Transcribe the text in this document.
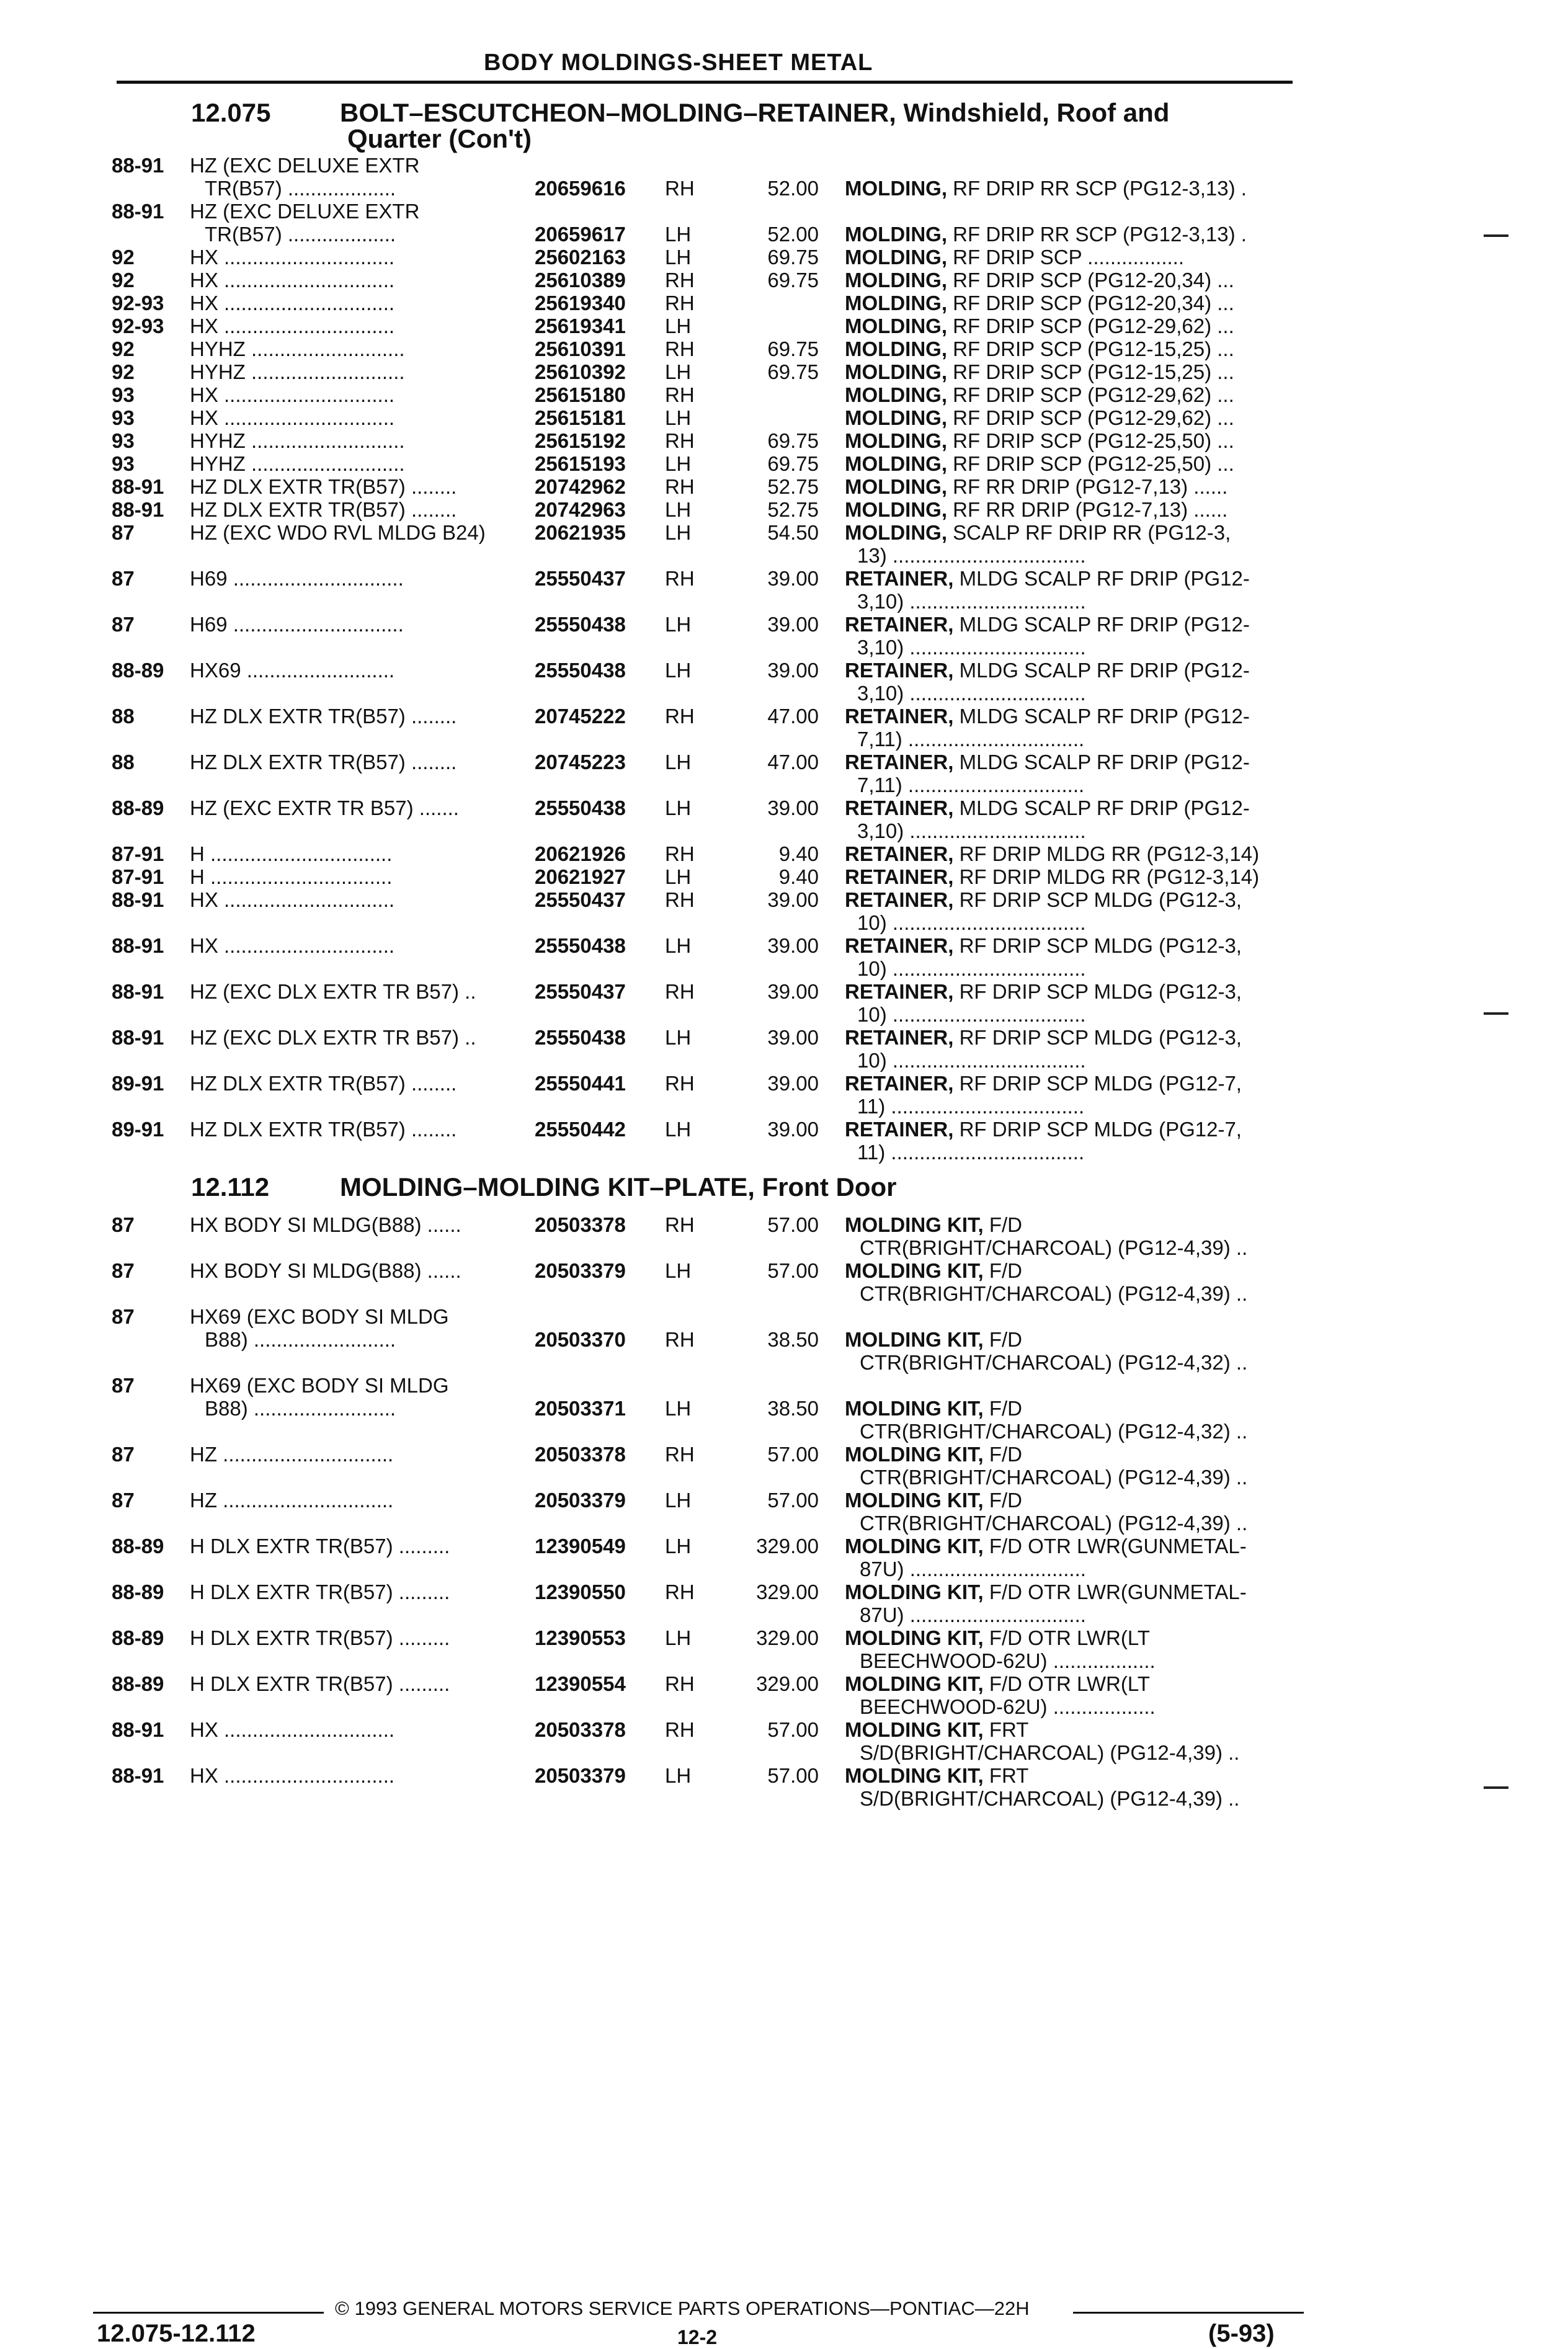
BODY MOLDINGS-SHEET METAL
12.075	BOLT–ESCUTCHEON–MOLDING–RETAINER, Windshield, Roof and
Quarter (Con't)
88-91 HZ (EXC DELUXE EXTR
TR(B57) ...................	20659616 RH	52.00 MOLDING, RF DRIP RR SCP (PG12-3,13) .
88-91 HZ (EXC DELUXE EXTR
TR(B57) ...................	20659617 LH	52.00 MOLDING, RF DRIP RR SCP (PG12-3,13) .
92	HX ..............................	25602163 LH	69.75 MOLDING, RF DRIP SCP .................
92	HX ..............................	25610389 RH	69.75 MOLDING, RF DRIP SCP (PG12-20,34) ...
92-93 HX ..............................	25619340 RH	MOLDING, RF DRIP SCP (PG12-20,34) ...
92-93 HX ..............................	25619341 LH	MOLDING, RF DRIP SCP (PG12-29,62) ...
92	HYHZ ...........................	25610391 RH	69.75 MOLDING, RF DRIP SCP (PG12-15,25) ...
92	HYHZ ...........................	25610392 LH	69.75 MOLDING, RF DRIP SCP (PG12-15,25) ...
93	HX ..............................	25615180 RH	MOLDING, RF DRIP SCP (PG12-29,62) ...
93	HX ..............................	25615181 LH	MOLDING, RF DRIP SCP (PG12-29,62) ...
93	HYHZ ...........................	25615192 RH	69.75 MOLDING, RF DRIP SCP (PG12-25,50) ...
93	HYHZ ...........................	25615193 LH	69.75 MOLDING, RF DRIP SCP (PG12-25,50) ...
88-91 HZ DLX EXTR TR(B57) ........	20742962 RH	52.75 MOLDING, RF RR DRIP (PG12-7,13) ......
88-91 HZ DLX EXTR TR(B57) ........	20742963 LH	52.75 MOLDING, RF RR DRIP (PG12-7,13) ......
87	HZ (EXC WDO RVL MLDG B24)	20621935 LH	54.50 MOLDING, SCALP RF DRIP RR (PG12-3,
13) ..................................
87	H69 ..............................	25550437 RH	39.00 RETAINER, MLDG SCALP RF DRIP (PG12-
3,10) ...............................
87	H69 ..............................	25550438 LH	39.00 RETAINER, MLDG SCALP RF DRIP (PG12-
3,10) ...............................
88-89 HX69 ..........................	25550438 LH	39.00 RETAINER, MLDG SCALP RF DRIP (PG12-
3,10) ...............................
88	HZ DLX EXTR TR(B57) ........	20745222 RH	47.00 RETAINER, MLDG SCALP RF DRIP (PG12-
7,11) ...............................
88	HZ DLX EXTR TR(B57) ........	20745223 LH	47.00 RETAINER, MLDG SCALP RF DRIP (PG12-
7,11) ...............................
88-89 HZ (EXC EXTR TR B57) .......	25550438 LH	39.00 RETAINER, MLDG SCALP RF DRIP (PG12-
3,10) ...............................
87-91 H ................................	20621926 RH	9.40 RETAINER, RF DRIP MLDG RR (PG12-3,14)
87-91 H ................................	20621927 LH	9.40 RETAINER, RF DRIP MLDG RR (PG12-3,14)
88-91 HX ..............................	25550437 RH	39.00 RETAINER, RF DRIP SCP MLDG (PG12-3,
10) ..................................
88-91 HX ..............................	25550438 LH	39.00 RETAINER, RF DRIP SCP MLDG (PG12-3,
10) ..................................
88-91 HZ (EXC DLX EXTR TR B57) ..	25550437 RH	39.00 RETAINER, RF DRIP SCP MLDG (PG12-3,
10) ..................................
88-91 HZ (EXC DLX EXTR TR B57) ..	25550438 LH	39.00 RETAINER, RF DRIP SCP MLDG (PG12-3,
10) ..................................
89-91 HZ DLX EXTR TR(B57) ........	25550441 RH	39.00 RETAINER, RF DRIP SCP MLDG (PG12-7,
11) ..................................
89-91 HZ DLX EXTR TR(B57) ........	25550442 LH	39.00 RETAINER, RF DRIP SCP MLDG (PG12-7,
11) ..................................
12.112	MOLDING–MOLDING KIT–PLATE, Front Door
87	HX BODY SI MLDG(B88) ......	20503378 RH	57.00 MOLDING KIT, F/D
CTR(BRIGHT/CHARCOAL) (PG12-4,39) ..
87	HX BODY SI MLDG(B88) ......	20503379 LH	57.00 MOLDING KIT, F/D
CTR(BRIGHT/CHARCOAL) (PG12-4,39) ..
87	HX69 (EXC BODY SI MLDG
B88) .........................	20503370 RH	38.50 MOLDING KIT, F/D
CTR(BRIGHT/CHARCOAL) (PG12-4,32) ..
87	HX69 (EXC BODY SI MLDG
B88) .........................	20503371 LH	38.50 MOLDING KIT, F/D
CTR(BRIGHT/CHARCOAL) (PG12-4,32) ..
87	HZ ..............................	20503378 RH	57.00 MOLDING KIT, F/D
CTR(BRIGHT/CHARCOAL) (PG12-4,39) ..
87	HZ ..............................	20503379 LH	57.00 MOLDING KIT, F/D
CTR(BRIGHT/CHARCOAL) (PG12-4,39) ..
88-89 H DLX EXTR TR(B57) .........	12390549 LH	329.00 MOLDING KIT, F/D OTR LWR(GUNMETAL-
87U) ...............................
88-89 H DLX EXTR TR(B57) .........	12390550 RH	329.00 MOLDING KIT, F/D OTR LWR(GUNMETAL-
87U) ...............................
88-89 H DLX EXTR TR(B57) .........	12390553 LH	329.00 MOLDING KIT, F/D OTR LWR(LT
BEECHWOOD-62U) ..................
88-89 H DLX EXTR TR(B57) .........	12390554 RH	329.00 MOLDING KIT, F/D OTR LWR(LT
BEECHWOOD-62U) ..................
88-91 HX ..............................	20503378 RH	57.00 MOLDING KIT, FRT
S/D(BRIGHT/CHARCOAL) (PG12-4,39) ..
88-91 HX ..............................	20503379 LH	57.00 MOLDING KIT, FRT
S/D(BRIGHT/CHARCOAL) (PG12-4,39) ..
© 1993 GENERAL MOTORS SERVICE PARTS OPERATIONS—PONTIAC—22H
12.075-12.112	12-2	(5-93)
